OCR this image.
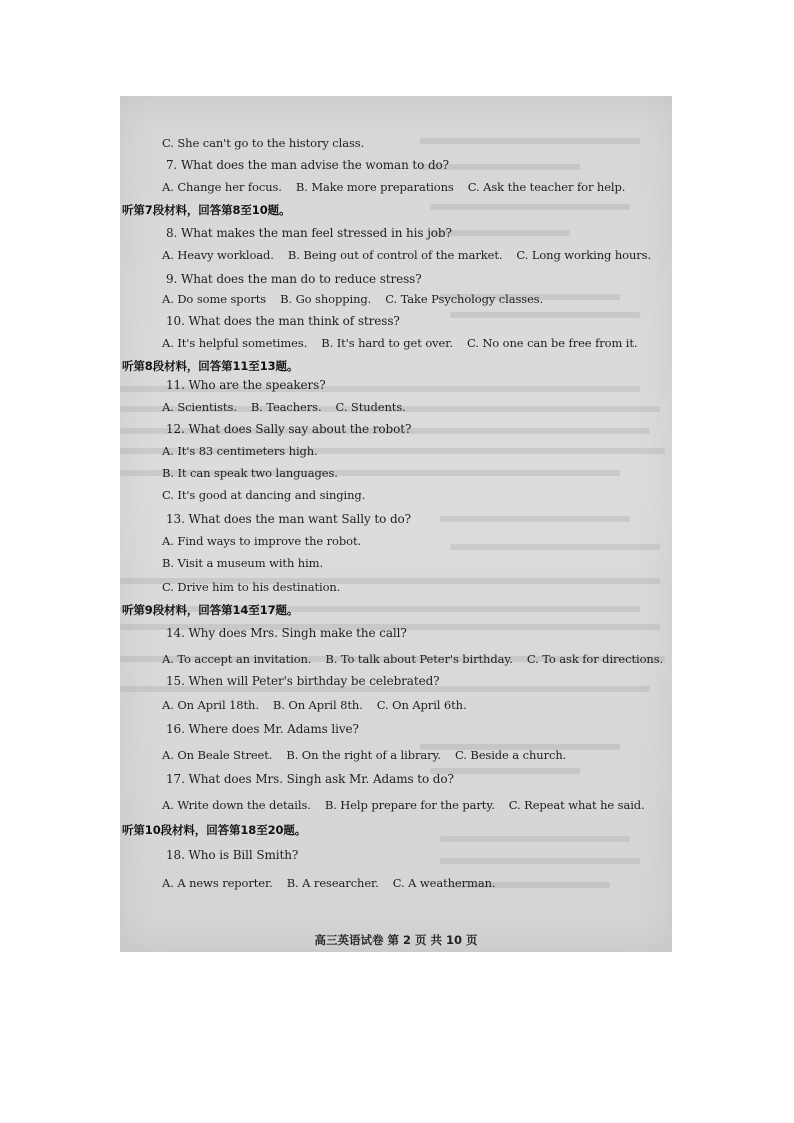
C. She can't go to the history class.
7. What does the man advise the woman to do?
A. Change her focus. B. Make more preparations C. Ask the teacher for help.
听第7段材料，回答第8至10题。
8. What makes the man feel stressed in his job?
A. Heavy workload. B. Being out of control of the market. C. Long working hours.
9. What does the man do to reduce stress?
A. Do some sports B. Go shopping. C. Take Psychology classes.
10. What does the man think of stress?
A. It's helpful sometimes. B. It's hard to get over. C. No one can be free from it.
听第8段材料，回答第11至13题。
11. Who are the speakers?
A. Scientists. B. Teachers. C. Students.
12. What does Sally say about the robot?
A. It's 83 centimeters high.
B. It can speak two languages.
C. It's good at dancing and singing.
13. What does the man want Sally to do?
A. Find ways to improve the robot.
B. Visit a museum with him.
C. Drive him to his destination.
听第9段材料，回答第14至17题。
14. Why does Mrs. Singh make the call?
A. To accept an invitation. B. To talk about Peter's birthday. C. To ask for directions.
15. When will Peter's birthday be celebrated?
A. On April 18th. B. On April 8th. C. On April 6th.
16. Where does Mr. Adams live?
A. On Beale Street. B. On the right of a library. C. Beside a church.
17. What does Mrs. Singh ask Mr. Adams to do?
A. Write down the details. B. Help prepare for the party. C. Repeat what he said.
听第10段材料，回答第18至20题。
18. Who is Bill Smith?
A. A news reporter. B. A researcher. C. A weatherman.
高三英语试卷 第 2 页 共 10 页
